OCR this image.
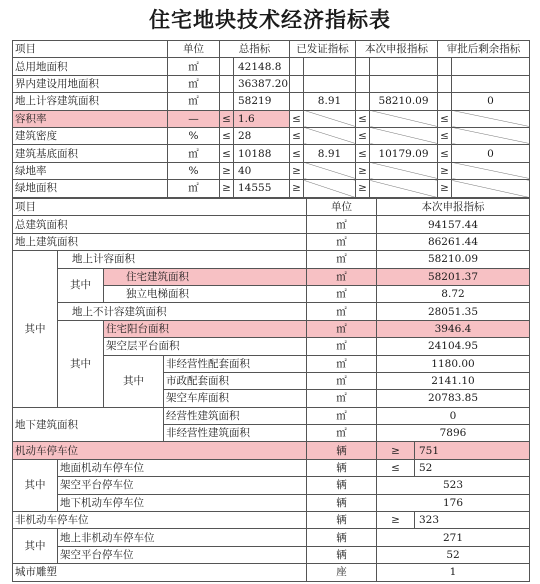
住宅地块技术经济指标表
项目	单位	总指标		已发证指标		本次申报指标		审批后剩余指标	
总用地面积	㎡		42148.8						
界内建设用地面积	㎡		36387.20						
地上计容建筑面积	㎡		58219		8.91		58210.09		0
容积率	—	≤	1.6	≤		≤		≤	
建筑密度	%	≤	28	≤		≤		≤	
建筑基底面积	㎡	≤	10188	≤	8.91	≤	10179.09	≤	0
绿地率	%	≥	40	≥		≥		≥	
绿地面积	㎡	≥	14555	≥		≥		≥	
项目				单位	本次申报指标	
总建筑面积				㎡	94157.44	
地上建筑面积				㎡	86261.44	
其中	地上计容面积			㎡	58210.09	
	其中	住宅建筑面积		㎡	58201.37	
		独立电梯面积		㎡	8.72	
	地上不计容建筑面积			㎡	28051.35	
	其中	住宅阳台面积		㎡	3946.4	
		架空层平台面积		㎡	24104.95	
		其中	非经营性配套面积	㎡	1180.00	
			市政配套面积	㎡	2141.10	
			架空车库面积	㎡	20783.85	
地下建筑面积			经营性建筑面积	㎡	0	
			非经营性建筑面积	㎡	7896	
机动车停车位				辆	≥	751
其中	地面机动车停车位			辆	≤	52
	架空平台停车位			辆	523	
	地下机动车停车位			辆	176	
非机动车停车位				辆	≥	323
其中	地上非机动车停车位			辆	271	
	架空平台停车位			辆	52	
城市雕塑				座	1	
